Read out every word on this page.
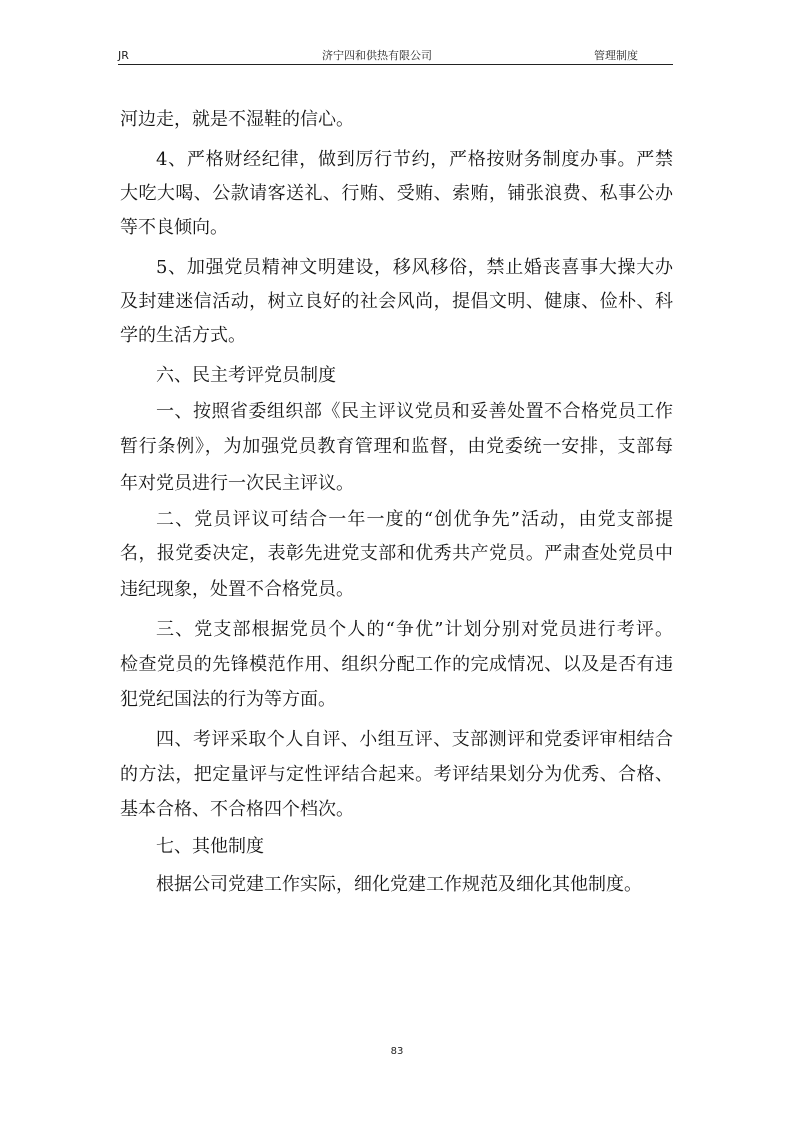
JR	济宁四和供热有限公司	管理制度
河边走，就是不湿鞋的信心。
4、严格财经纪律，做到厉行节约，严格按财务制度办事。严禁
大吃大喝、公款请客送礼、行贿、受贿、索贿，铺张浪费、私事公办
等不良倾向。
5、加强党员精神文明建设，移风移俗，禁止婚丧喜事大操大办
及封建迷信活动，树立良好的社会风尚，提倡文明、健康、俭朴、科
学的生活方式。
六、民主考评党员制度
一、按照省委组织部《民主评议党员和妥善处置不合格党员工作
暂行条例》，为加强党员教育管理和监督，由党委统一安排，支部每
年对党员进行一次民主评议。
二、党员评议可结合一年一度的“创优争先”活动，由党支部提
名，报党委决定，表彰先进党支部和优秀共产党员。严肃查处党员中
违纪现象，处置不合格党员。
三、党支部根据党员个人的“争优”计划分别对党员进行考评。
检查党员的先锋模范作用、组织分配工作的完成情况、以及是否有违
犯党纪国法的行为等方面。
四、考评采取个人自评、小组互评、支部测评和党委评审相结合
的方法，把定量评与定性评结合起来。考评结果划分为优秀、合格、
基本合格、不合格四个档次。
七、其他制度
根据公司党建工作实际，细化党建工作规范及细化其他制度。
83
